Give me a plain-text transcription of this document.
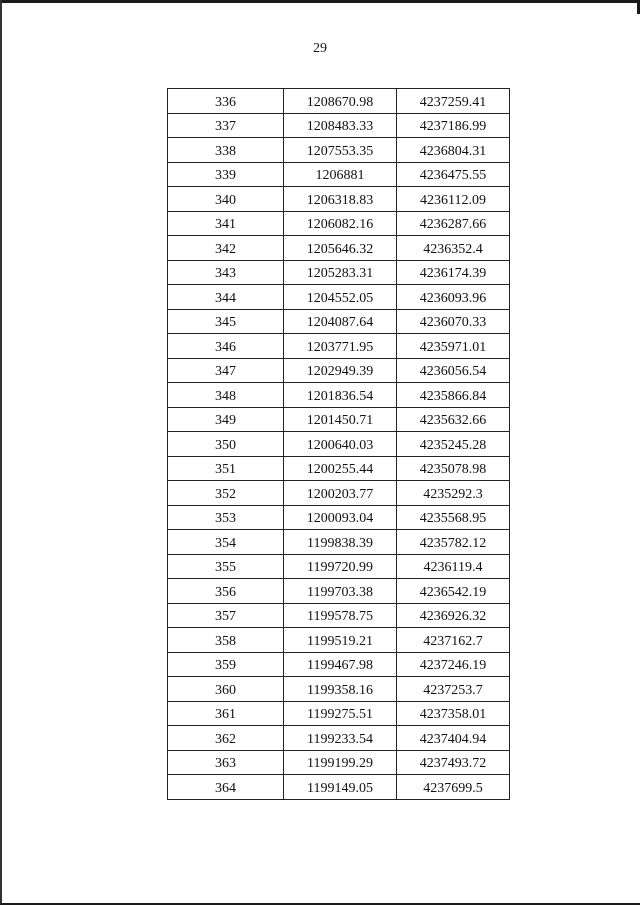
29
336	1208670.98	4237259.41
337	1208483.33	4237186.99
338	1207553.35	4236804.31
339	1206881	4236475.55
340	1206318.83	4236112.09
341	1206082.16	4236287.66
342	1205646.32	4236352.4
343	1205283.31	4236174.39
344	1204552.05	4236093.96
345	1204087.64	4236070.33
346	1203771.95	4235971.01
347	1202949.39	4236056.54
348	1201836.54	4235866.84
349	1201450.71	4235632.66
350	1200640.03	4235245.28
351	1200255.44	4235078.98
352	1200203.77	4235292.3
353	1200093.04	4235568.95
354	1199838.39	4235782.12
355	1199720.99	4236119.4
356	1199703.38	4236542.19
357	1199578.75	4236926.32
358	1199519.21	4237162.7
359	1199467.98	4237246.19
360	1199358.16	4237253.7
361	1199275.51	4237358.01
362	1199233.54	4237404.94
363	1199199.29	4237493.72
364	1199149.05	4237699.5
